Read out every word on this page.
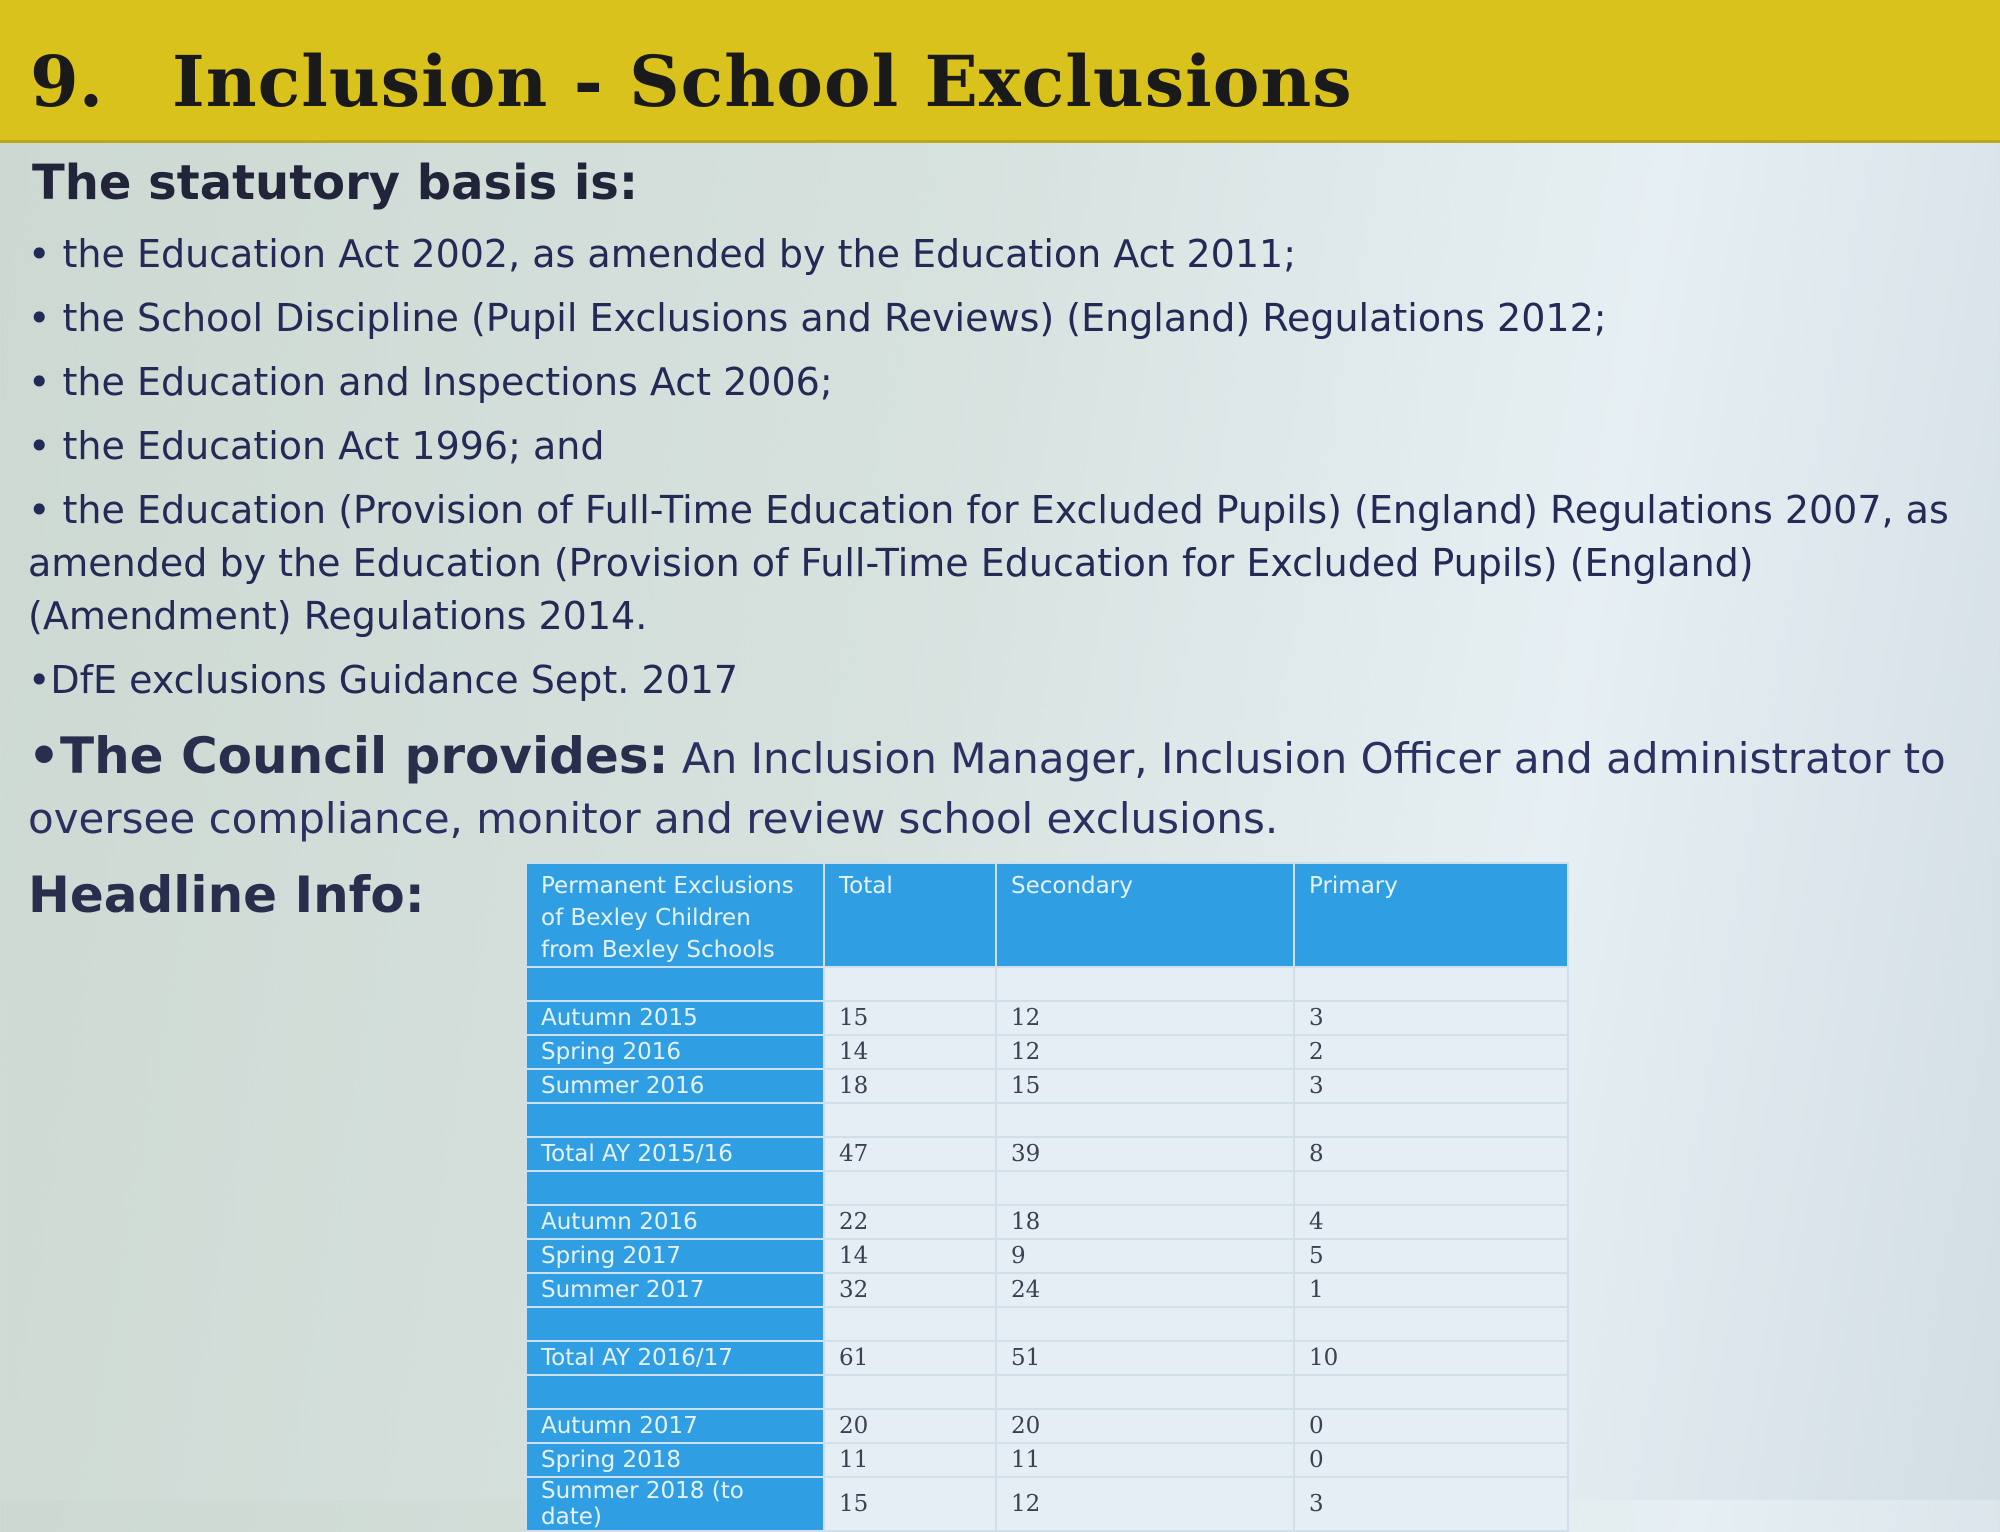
9. Inclusion - School Exclusions
The statutory basis is:
• the Education Act 2002, as amended by the Education Act 2011;
• the School Discipline (Pupil Exclusions and Reviews) (England) Regulations 2012;
• the Education and Inspections Act 2006;
• the Education Act 1996; and
• the Education (Provision of Full-Time Education for Excluded Pupils) (England) Regulations 2007, as amended by the Education (Provision of Full-Time Education for Excluded Pupils) (England) (Amendment) Regulations 2014.
• DfE exclusions Guidance Sept. 2017
• The Council provides: An Inclusion Manager, Inclusion Officer and administrator to oversee compliance, monitor and review school exclusions.
Headline Info:	Permanent Exclusions of Bexley Children from Bexley Schools	Total	Secondary	Primary

Autumn 2015	15	12	3
Spring 2016	14	12	2
Summer 2016	18	15	3

Total AY 2015/16	47	39	8

Autumn 2016	22	18	4
Spring 2017	14	9	5
Summer 2017	32	24	1

Total AY 2016/17	61	51	10

Autumn 2017	20	20	0
Spring 2018	11	11	0
Summer 2018 (to date)	15	12	3
